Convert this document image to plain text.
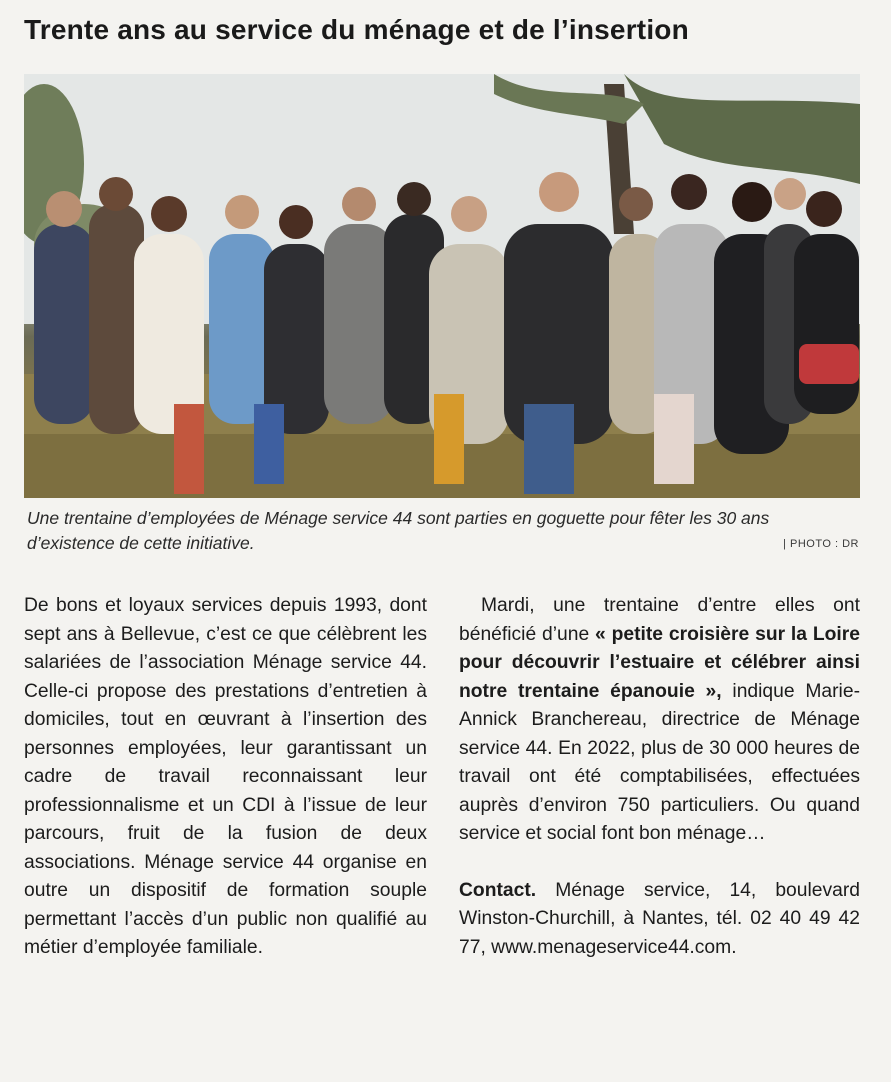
Trente ans au service du ménage et de l’insertion
Une trentaine d’employées de Ménage service 44 sont parties en goguette pour fêter les 30 ans d’existence de cette initiative.	| PHOTO : DR

De bons et loyaux services depuis 1993, dont sept ans à Bellevue, c’est ce que célèbrent les salariées de l’association Ménage service 44. Celle-ci propose des prestations d’entretien à domiciles, tout en œuvrant à l’insertion des personnes employées, leur garantissant un cadre de travail reconnaissant leur professionnalisme et un CDI à l’issue de leur parcours, fruit de la fusion de deux associations. Ménage service 44 organise en outre un dispositif de formation souple permettant l’accès d’un public non qualifié au métier d’employée familiale.

Mardi, une trentaine d’entre elles ont bénéficié d’une « petite croisière sur la Loire pour découvrir l’estuaire et célébrer ainsi notre trentaine épanouie », indique Marie-Annick Branchereau, directrice de Ménage service 44. En 2022, plus de 30 000 heures de travail ont été comptabilisées, effectuées auprès d’environ 750 particuliers. Ou quand service et social font bon ménage…

Contact. Ménage service, 14, boulevard Winston-Churchill, à Nantes, tél. 02 40 49 42 77, www.menageservice44.com.
